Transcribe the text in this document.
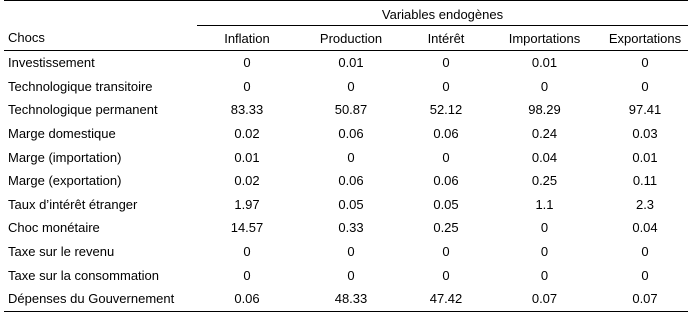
	Variables endogènes				
Chocs	Inflation	Production	Intérêt	Importations	Exportations
Investissement	0	0.01	0	0.01	0
Technologique transitoire	0	0	0	0	0
Technologique permanent	83.33	50.87	52.12	98.29	97.41
Marge domestique	0.02	0.06	0.06	0.24	0.03
Marge (importation)	0.01	0	0	0.04	0.01
Marge (exportation)	0.02	0.06	0.06	0.25	0.11
Taux d’intérêt étranger	1.97	0.05	0.05	1.1	2.3
Choc monétaire	14.57	0.33	0.25	0	0.04
Taxe sur le revenu	0	0	0	0	0
Taxe sur la consommation	0	0	0	0	0
Dépenses du Gouvernement	0.06	48.33	47.42	0.07	0.07
